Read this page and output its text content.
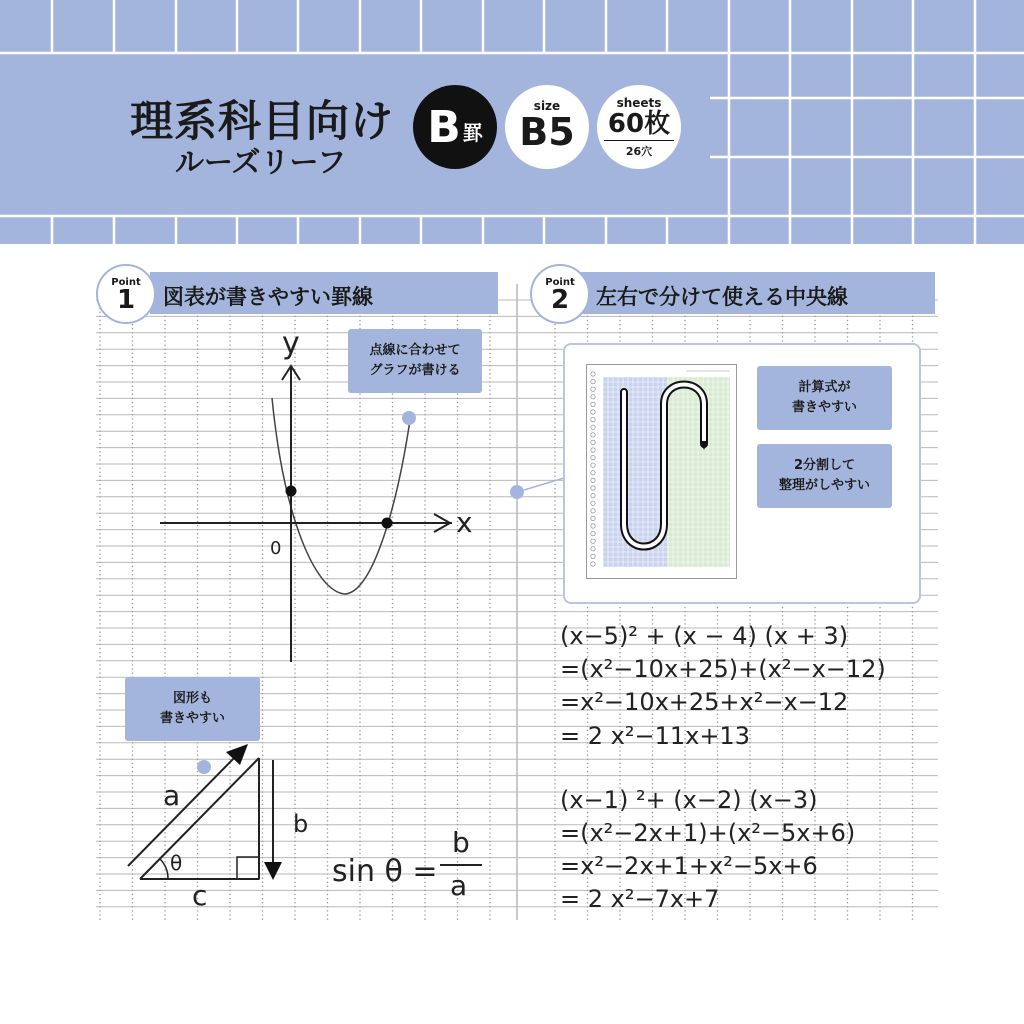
理系科目向け
ルーズリーフ
B 罫
size
B5
sheets
60枚
26穴
Point
1 図表が書きやすい罫線
Point
2 左右で分けて使える中央線
y
x
0
a
b
c
θ	sin θ =
b
a
点線に合わせて
グラフが書ける
図形も
書きやすい
計算式が
書きやすい
2分割して
整理がしやすい
(x−5)² + (x − 4) (x + 3)
=(x²−10x+25)+(x²−x−12)
=x²−10x+25+x²−x−12
= 2 x²−11x+13
(x−1) ²+ (x−2) (x−3)
=(x²−2x+1)+(x²−5x+6)
=x²−2x+1+x²−5x+6
= 2 x²−7x+7
